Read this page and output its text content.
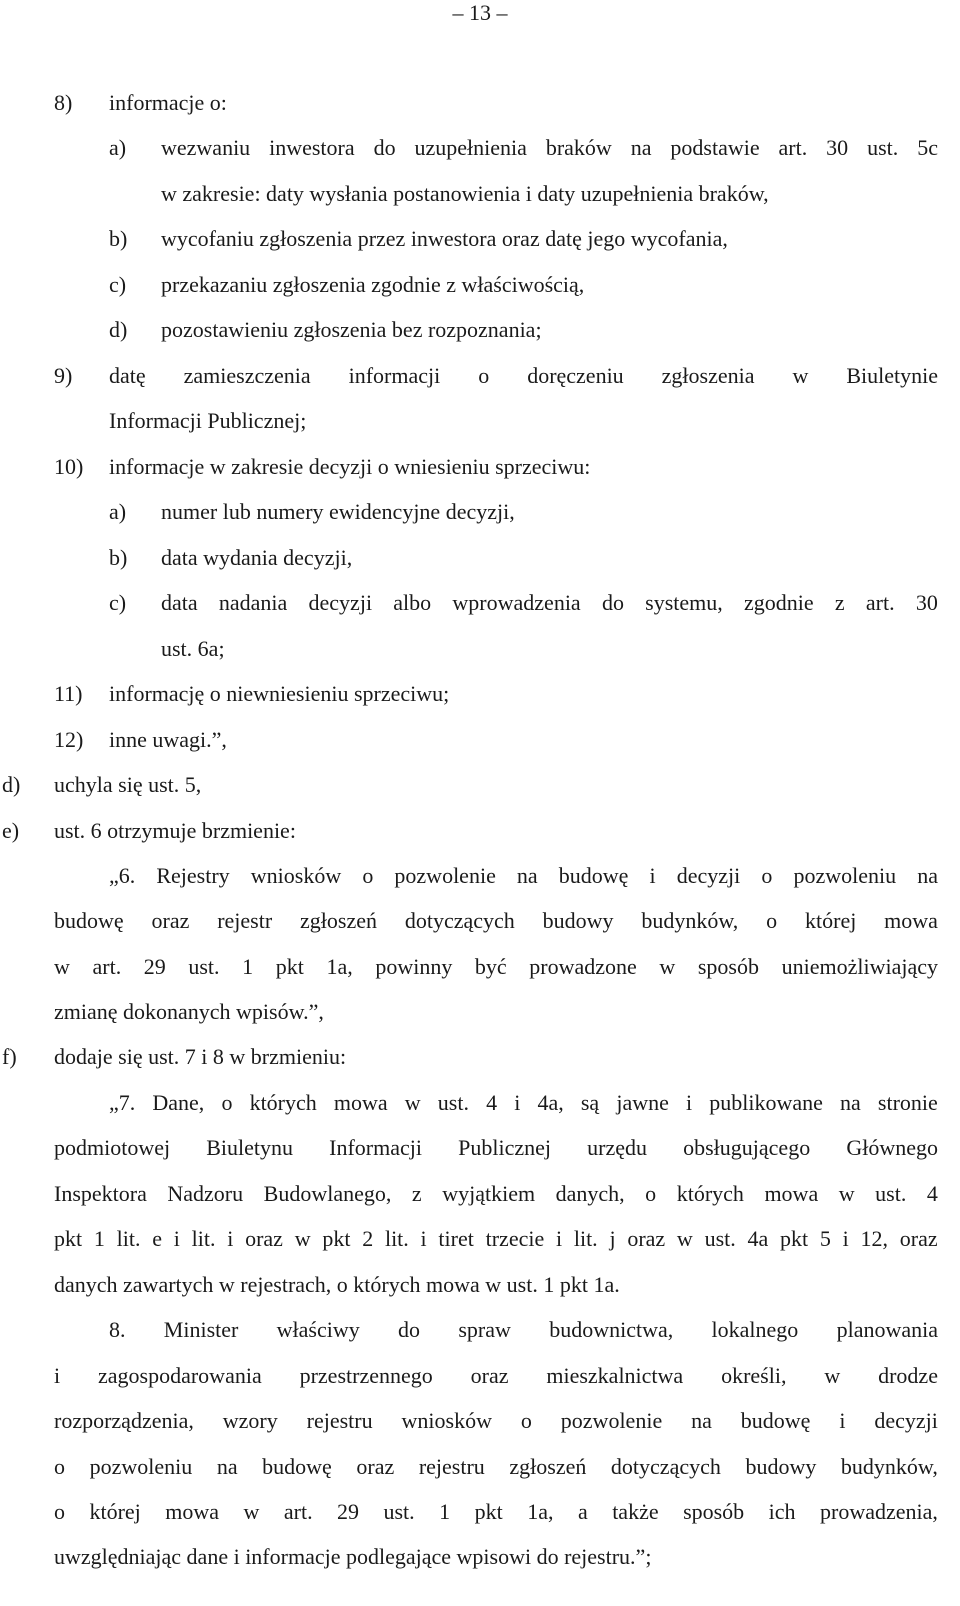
– 13 –
8) informacje o:
a) wezwaniu inwestora do uzupełnienia braków na podstawie art. 30 ust. 5c
w zakresie: daty wysłania postanowienia i daty uzupełnienia braków,
b) wycofaniu zgłoszenia przez inwestora oraz datę jego wycofania,
c) przekazaniu zgłoszenia zgodnie z właściwością,
d) pozostawieniu zgłoszenia bez rozpoznania;
9) datę zamieszczenia informacji o doręczeniu zgłoszenia w Biuletynie
Informacji Publicznej;
10) informacje w zakresie decyzji o wniesieniu sprzeciwu:
a) numer lub numery ewidencyjne decyzji,
b) data wydania decyzji,
c) data nadania decyzji albo wprowadzenia do systemu, zgodnie z art. 30
ust. 6a;
11) informację o niewniesieniu sprzeciwu;
12) inne uwagi.”,
d) uchyla się ust. 5,
e) ust. 6 otrzymuje brzmienie:
„6. Rejestry wniosków o pozwolenie na budowę i decyzji o pozwoleniu na
budowę oraz rejestr zgłoszeń dotyczących budowy budynków, o której mowa
w art. 29 ust. 1 pkt 1a, powinny być prowadzone w sposób uniemożliwiający
zmianę dokonanych wpisów.”,
f) dodaje się ust. 7 i 8 w brzmieniu:
„7. Dane, o których mowa w ust. 4 i 4a, są jawne i publikowane na stronie
podmiotowej Biuletynu Informacji Publicznej urzędu obsługującego Głównego
Inspektora Nadzoru Budowlanego, z wyjątkiem danych, o których mowa w ust. 4
pkt 1 lit. e i lit. i oraz w pkt 2 lit. i tiret trzecie i lit. j oraz w ust. 4a pkt 5 i 12, oraz
danych zawartych w rejestrach, o których mowa w ust. 1 pkt 1a.
8. Minister właściwy do spraw budownictwa, lokalnego planowania
i zagospodarowania przestrzennego oraz mieszkalnictwa określi, w drodze
rozporządzenia, wzory rejestru wniosków o pozwolenie na budowę i decyzji
o pozwoleniu na budowę oraz rejestru zgłoszeń dotyczących budowy budynków,
o której mowa w art. 29 ust. 1 pkt 1a, a także sposób ich prowadzenia,
uwzględniając dane i informacje podlegające wpisowi do rejestru.”;
